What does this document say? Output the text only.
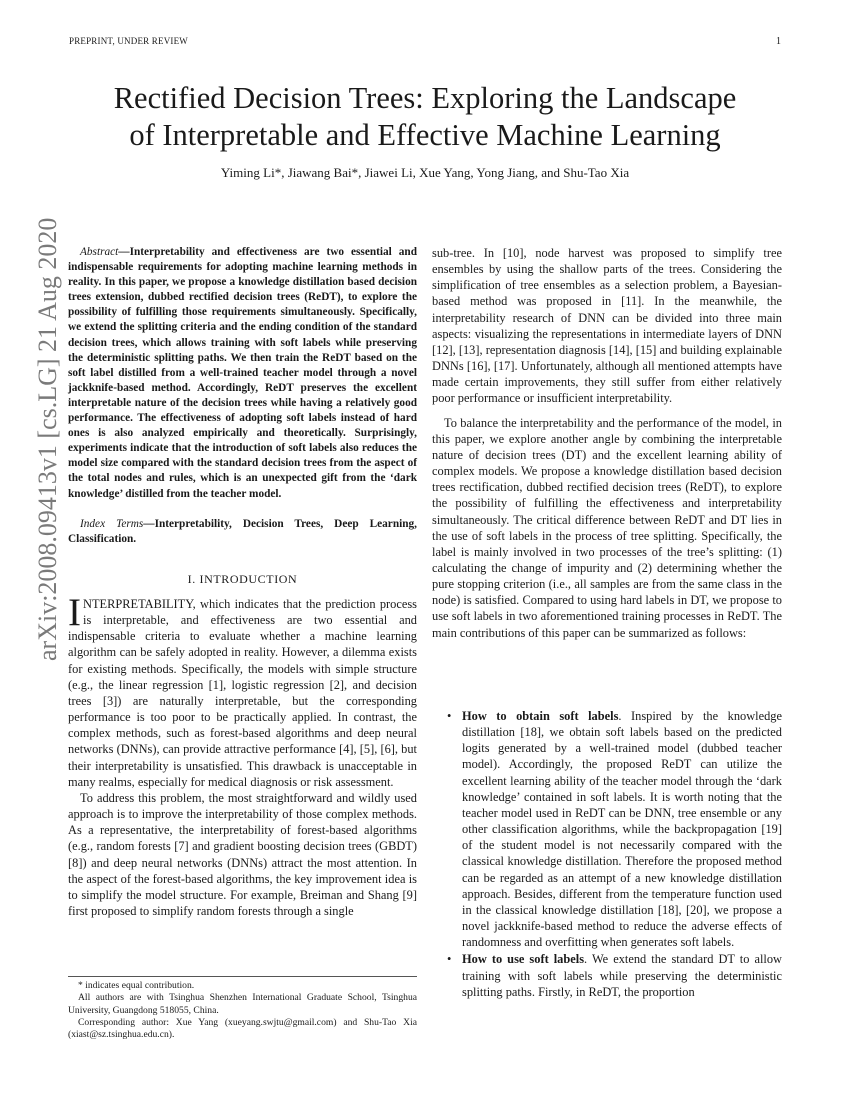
PREPRINT, UNDER REVIEW	1
Rectified Decision Trees: Exploring the Landscape
of Interpretable and Effective Machine Learning
Yiming Li*, Jiawang Bai*, Jiawei Li, Xue Yang, Yong Jiang, and Shu-Tao Xia
arXiv:2008.09413v1 [cs.LG] 21 Aug 2020	Abstract—Interpretability and effectiveness are two essential and indispensable requirements for adopting machine learning methods in reality. In this paper, we propose a knowledge distillation based decision trees extension, dubbed rectified decision trees (ReDT), to explore the possibility of fulfilling those requirements simultaneously. Specifically, we extend the splitting criteria and the ending condition of the standard decision trees, which allows training with soft labels while preserving the deterministic splitting paths. We then train the ReDT based on the soft label distilled from a well-trained teacher model through a novel jackknife-based method. Accordingly, ReDT preserves the excellent interpretable nature of the decision trees while having a relatively good performance. The effectiveness of adopting soft labels instead of hard ones is also analyzed empirically and theoretically. Surprisingly, experiments indicate that the introduction of soft labels also reduces the model size compared with the standard decision trees from the aspect of the total nodes and rules, which is an unexpected gift from the ‘dark knowledge’ distilled from the teacher model.

Index Terms—Interpretability, Decision Trees, Deep Learning, Classification.

I. INTRODUCTION

INTERPRETABILITY, which indicates that the prediction process is interpretable, and effectiveness are two essential and indispensable criteria to evaluate whether a machine learning algorithm can be safely adopted in reality. However, a dilemma exists for existing methods. Specifically, the models with simple structure (e.g., the linear regression [1], logistic regression [2], and decision trees [3]) are naturally interpretable, but the corresponding performance is too poor to be practically applied. In contrast, the complex methods, such as forest-based algorithms and deep neural networks (DNNs), can provide attractive performance [4], [5], [6], but their interpretability is unsatisfied. This drawback is unacceptable in many realms, especially for medical diagnosis or risk assessment.

To address this problem, the most straightforward and wildly used approach is to improve the interpretability of those complex methods. As a representative, the interpretability of forest-based algorithms (e.g., random forests [7] and gradient boosting decision trees (GBDT) [8]) and deep neural networks (DNNs) attract the most attention. In the aspect of the forest-based algorithms, the key improvement idea is to simplify the model structure. For example, Breiman and Shang [9] first proposed to simplify random forests through a single

* indicates equal contribution.

All authors are with Tsinghua Shenzhen International Graduate School, Tsinghua University, Guangdong 518055, China.

Corresponding author: Xue Yang (xueyang.swjtu@gmail.com) and Shu-Tao Xia (xiast@sz.tsinghua.edu.cn).

sub-tree. In [10], node harvest was proposed to simplify tree ensembles by using the shallow parts of the trees. Considering the simplification of tree ensembles as a selection problem, a Bayesian-based method was proposed in [11]. In the meanwhile, the interpretability research of DNN can be divided into three main aspects: visualizing the representations in intermediate layers of DNN [12], [13], representation diagnosis [14], [15] and building explainable DNNs [16], [17]. Unfortunately, although all mentioned attempts have made certain improvements, they still suffer from either relatively poor performance or insufficient interpretability.

To balance the interpretability and the performance of the model, in this paper, we explore another angle by combining the interpretable nature of decision trees (DT) and the excellent learning ability of complex models. We propose a knowledge distillation based decision trees rectification, dubbed rectified decision trees (ReDT), to explore the possibility of fulfilling the effectiveness and interpretability simultaneously. The critical difference between ReDT and DT lies in the use of soft labels in the process of tree splitting. Specifically, the label is mainly involved in two processes of the tree’s splitting: (1) calculating the change of impurity and (2) determining whether the pure stopping criterion (i.e., all samples are from the same class in the node) is satisfied. Compared to using hard labels in DT, we propose to use soft labels in two aforementioned training processes in ReDT. The main contributions of this paper can be summarized as follows:

• How to obtain soft labels. Inspired by the knowledge distillation [18], we obtain soft labels based on the predicted logits generated by a well-trained model (dubbed teacher model). Accordingly, the proposed ReDT can utilize the excellent learning ability of the teacher model through the ‘dark knowledge’ contained in soft labels. It is worth noting that the teacher model used in ReDT can be DNN, tree ensemble or any other classification algorithms, while the backpropagation [19] of the student model is not necessarily compared with the classical knowledge distillation. Therefore the proposed method can be regarded as an attempt of a new knowledge distillation approach. Besides, different from the temperature function used in the classical knowledge distillation [18], [20], we propose a novel jackknife-based method to reduce the adverse effects of randomness and overfitting when generates soft labels.
• How to use soft labels. We extend the standard DT to allow training with soft labels while preserving the deterministic splitting paths. Firstly, in ReDT, the proportion
